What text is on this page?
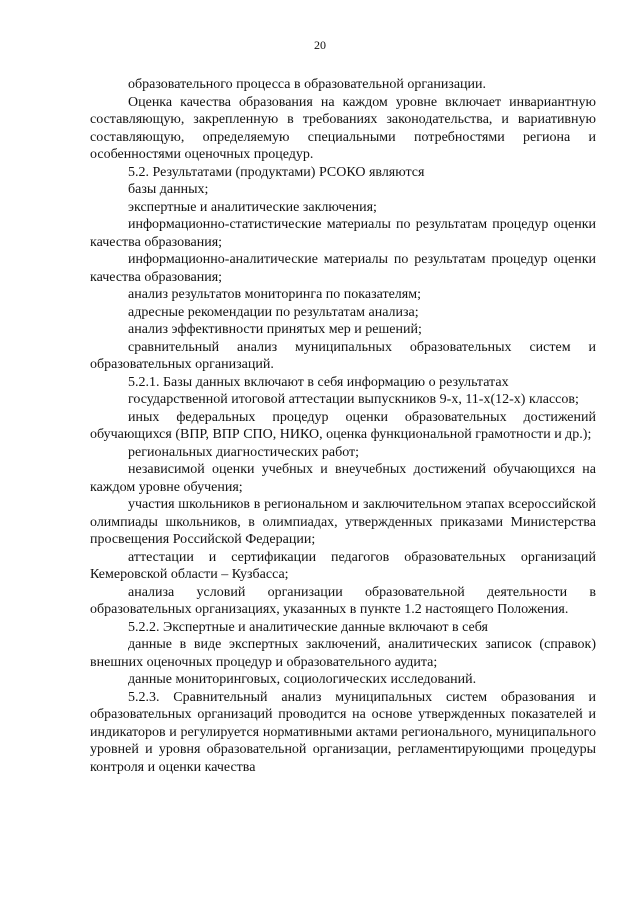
20

образовательного процесса в образовательной организации.

Оценка качества образования на каждом уровне включает инвариантную составляющую, закрепленную в требованиях законодательства, и вариативную составляющую, определяемую специальными потребностями региона и особенностями оценочных процедур.

5.2. Результатами (продуктами) РСОКО являются

базы данных;

экспертные и аналитические заключения;

информационно-статистические материалы по результатам процедур оценки качества образования;

информационно-аналитические материалы по результатам процедур оценки качества образования;

анализ результатов мониторинга по показателям;

адресные рекомендации по результатам анализа;

анализ эффективности принятых мер и решений;

сравнительный анализ муниципальных образовательных систем и образовательных организаций.

5.2.1. Базы данных включают в себя информацию о результатах

государственной итоговой аттестации выпускников 9-х, 11-х(12-х) классов;

иных федеральных процедур оценки образовательных достижений обучающихся (ВПР, ВПР СПО, НИКО, оценка функциональной грамотности и др.);

региональных диагностических работ;

независимой оценки учебных и внеучебных достижений обучающихся на каждом уровне обучения;

участия школьников в региональном и заключительном этапах всероссийской олимпиады школьников, в олимпиадах, утвержденных приказами Министерства просвещения Российской Федерации;

аттестации и сертификации педагогов образовательных организаций Кемеровской области – Кузбасса;

анализа условий организации образовательной деятельности в образовательных организациях, указанных в пункте 1.2 настоящего Положения.

5.2.2. Экспертные и аналитические данные включают в себя

данные в виде экспертных заключений, аналитических записок (справок) внешних оценочных процедур и образовательного аудита;

данные мониторинговых, социологических исследований.

5.2.3. Сравнительный анализ муниципальных систем образования и образовательных организаций проводится на основе утвержденных показателей и индикаторов и регулируется нормативными актами регионального, муниципального уровней и уровня образовательной организации, регламентирующими процедуры контроля и оценки качества
